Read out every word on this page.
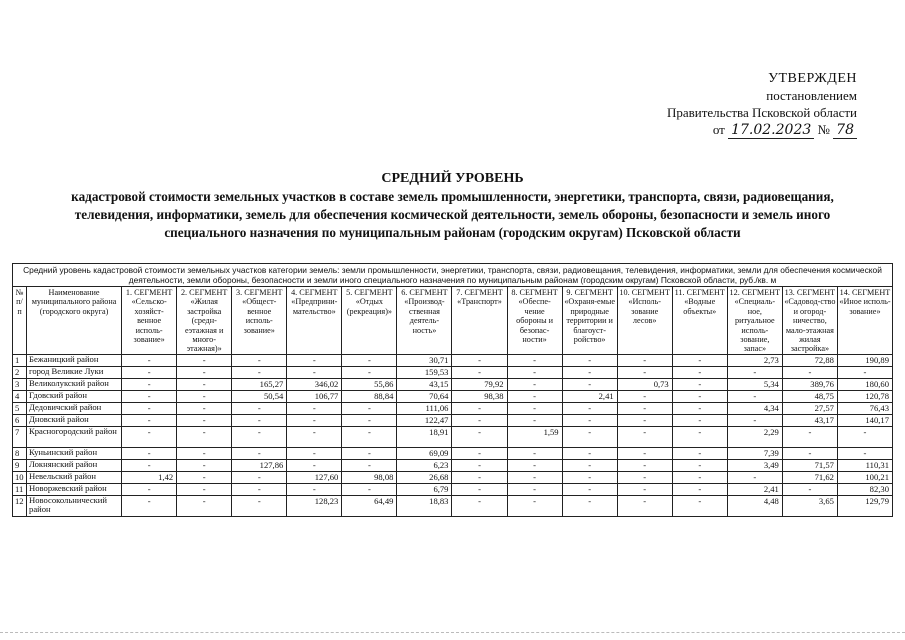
УТВЕРЖДЕН
постановлением
Правительства Псковской области
от 17.02.2023 № 78
СРЕДНИЙ УРОВЕНЬ
кадастровой стоимости земельных участков в составе земель промышленности, энергетики, транспорта, связи, радиовещания, телевидения, информатики, земель для обеспечения космической деятельности, земель обороны, безопасности и земель иного специального назначения по муниципальным районам (городским округам) Псковской области
Средний уровень кадастровой стоимости земельных участков категории земель: земли промышленности, энергетики, транспорта, связи, радиовещания, телевидения, информатики, земли для обеспечения космической деятельности, земли обороны, безопасности и земли иного специального назначения по муниципальным районам (городским округам) Псковской области, руб./кв. м
№ п/п	Наименование муниципального района (городского округа)	1. СЕГМЕНТ «Сельско-хозяйст-венное исполь-зование»	2. СЕГМЕНТ «Жилая застройка (средн-еэтажная и много-этажная)»	3. СЕГМЕНТ «Общест-венное исполь-зование»	4. СЕГМЕНТ «Предприни-мательство»	5. СЕГМЕНТ «Отдых (рекреация)»	6. СЕГМЕНТ «Производ-ственная деятель-ность»	7. СЕГМЕНТ «Транспорт»	8. СЕГМЕНТ «Обеспе-чение обороны и безопас-ности»	9. СЕГМЕНТ «Охраня-емые природные территории и благоуст-ройство»	10. СЕГМЕНТ «Исполь-зование лесов»	11. СЕГМЕНТ «Водные объекты»	12. СЕГМЕНТ «Специаль-ное, ритуальное исполь-зование, запас»	13. СЕГМЕНТ «Садовод-ство и огород-ничество, мало-этажная жилая застройка»	14. СЕГМЕНТ «Иное исполь-зование»
1	Бежаницкий район	-	-	-	-	-	30,71	-	-	-	-	-	2,73	72,88	190,89
2	город Великие Луки	-	-	-	-	-	159,53	-	-	-	-	-	-	-	-
3	Великолукский район	-	-	165,27	346,02	55,86	43,15	79,92	-	-	0,73	-	5,34	389,76	180,60
4	Гдовский район	-	-	50,54	106,77	88,84	70,64	98,38	-	2,41	-	-	-	48,75	120,78
5	Дедовичский район	-	-	-	-	-	111,06	-	-	-	-	-	4,34	27,57	76,43
6	Дновский район	-	-	-	-	-	122,47	-	-	-	-	-	-	43,17	140,17
7	Красногородский район	-	-	-	-	-	18,91	-	1,59	-	-	-	2,29	-	-
8	Куньинский район	-	-	-	-	-	69,09	-	-	-	-	-	7,39	-	-
9	Локнянский район	-	-	127,86	-	-	6,23	-	-	-	-	-	3,49	71,57	110,31
10	Невельский район	1,42	-	-	127,60	98,08	26,68	-	-	-	-	-	-	71,62	100,21
11	Новоржевский район	-	-	-	-	-	6,79	-	-	-	-	-	2,41	-	82,30
12	Новосокольнический район	-	-	-	128,23	64,49	18,83	-	-	-	-	-	4,48	3,65	129,79
